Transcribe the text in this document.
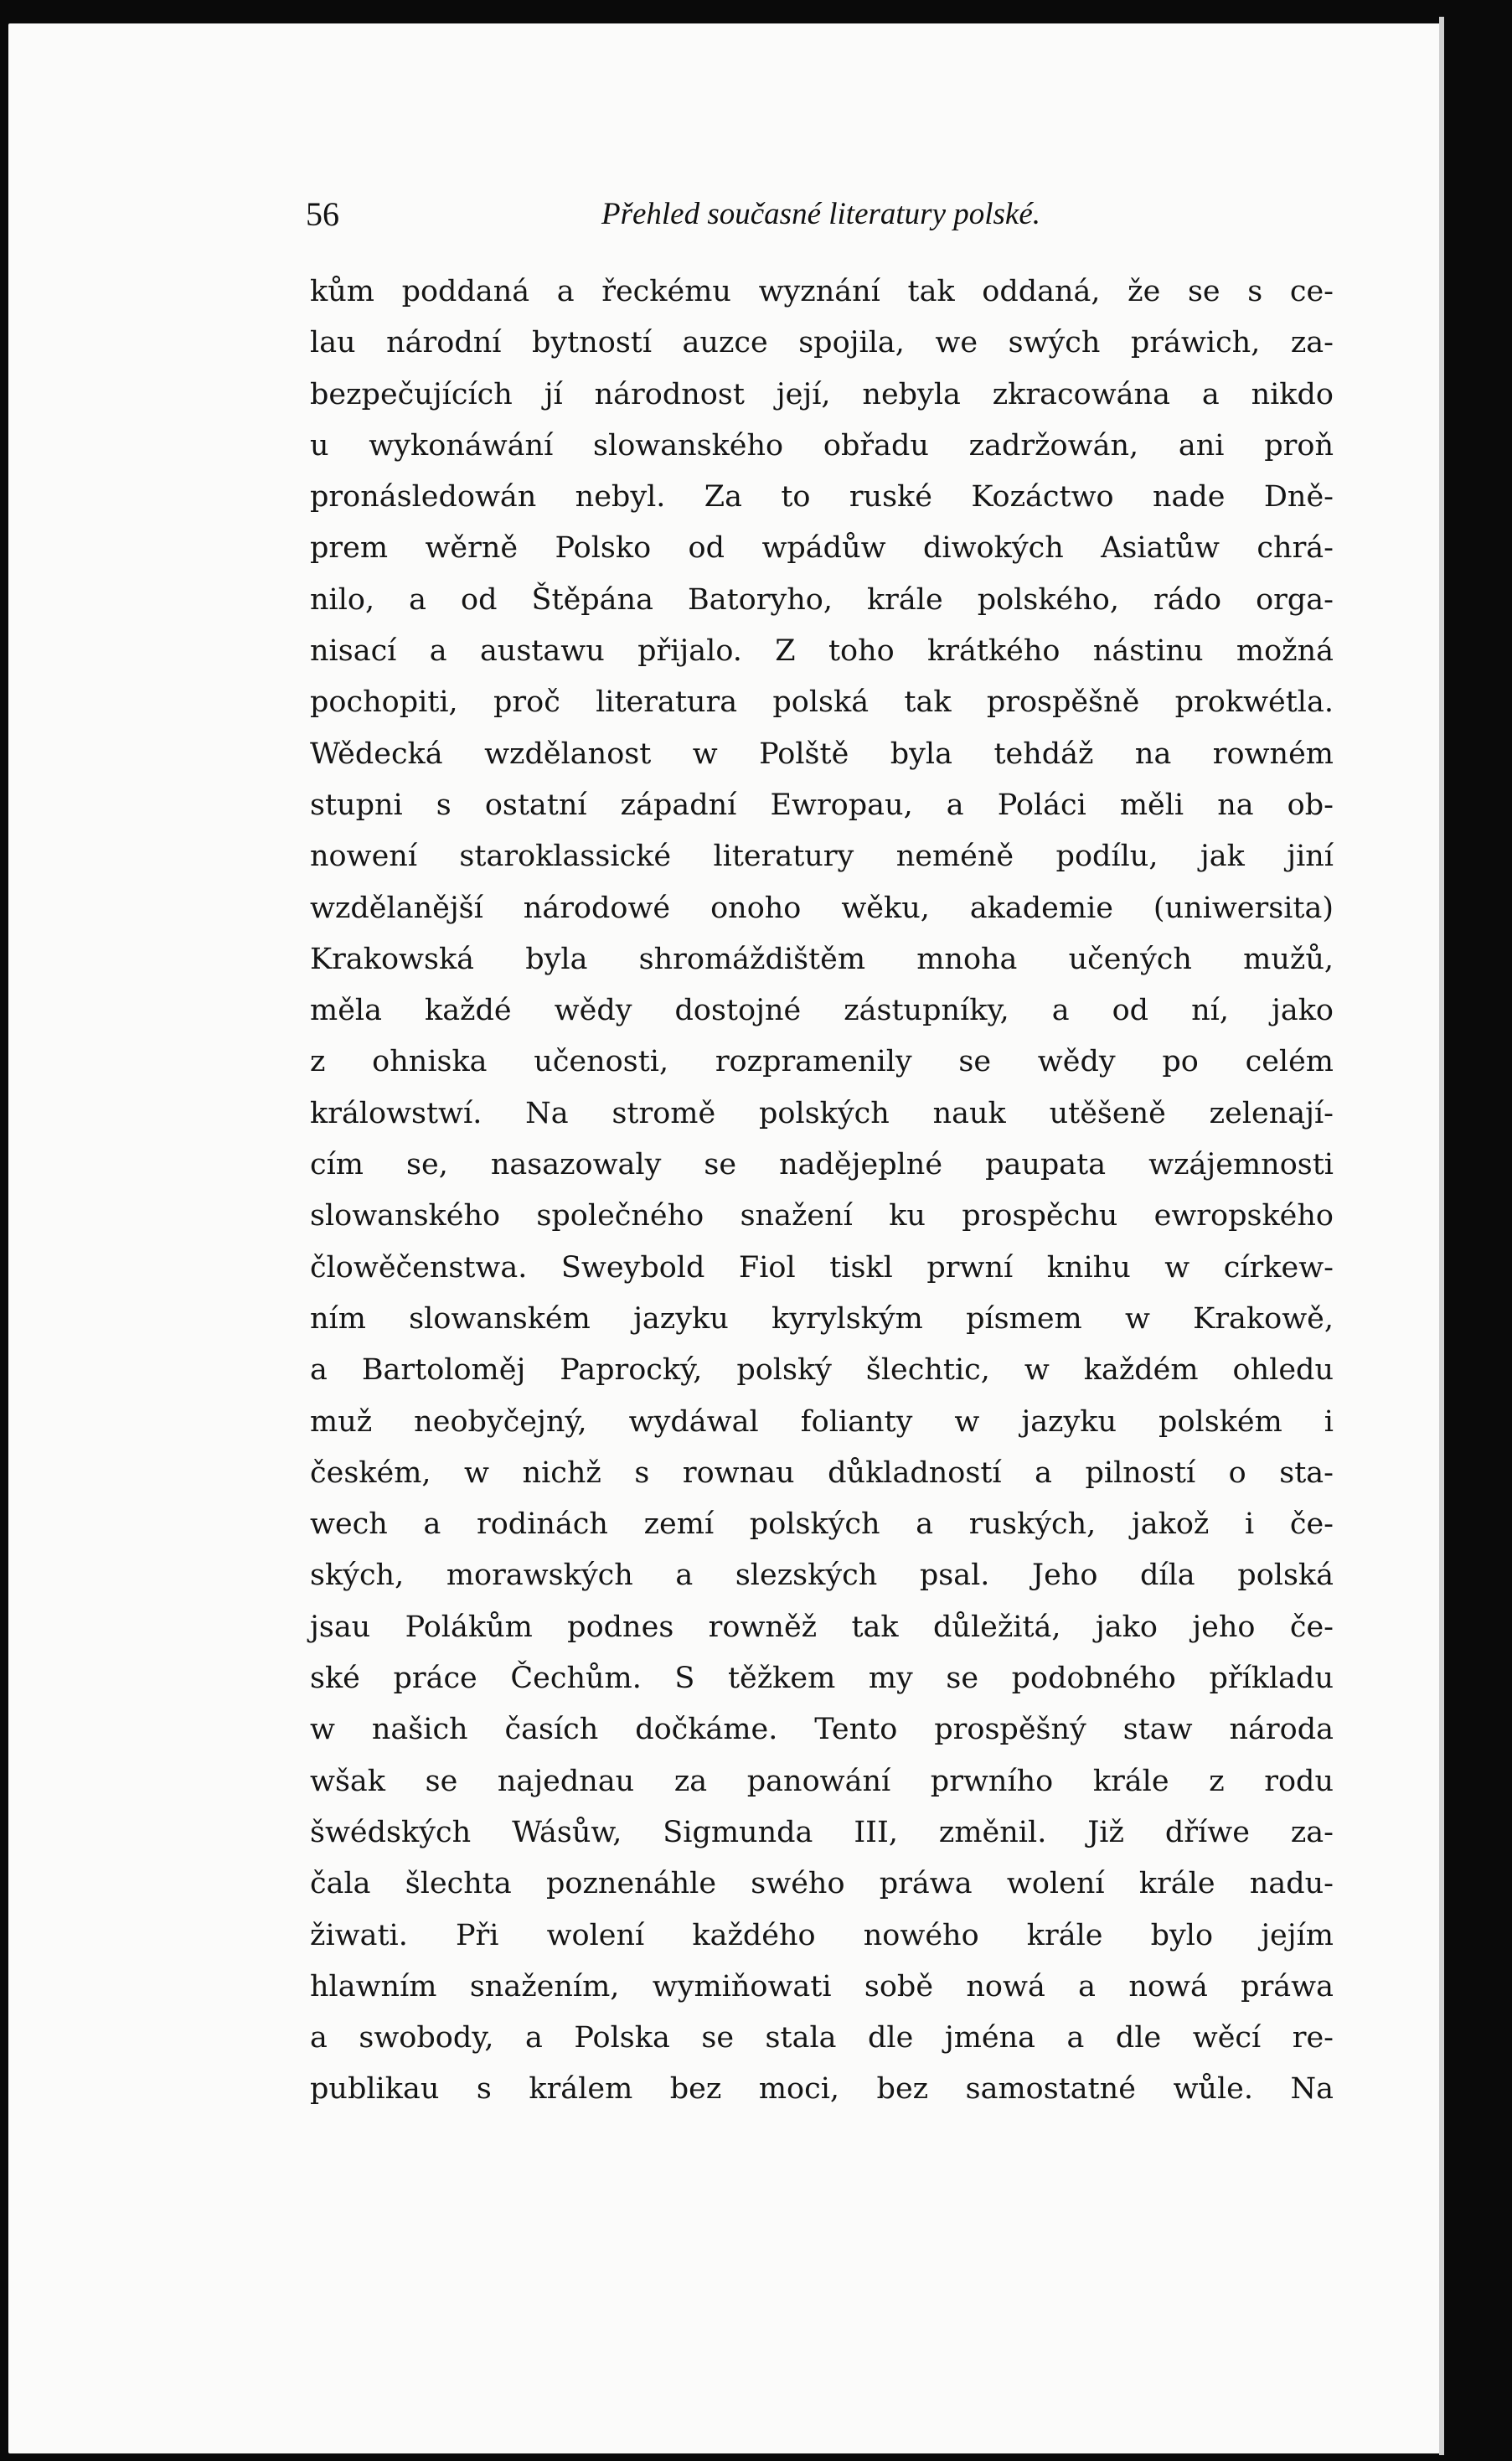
56	Přehled současné literatury polské.
kům poddaná a řeckému wyznání tak oddaná, že se s ce-
lau národní bytností auzce spojila, we swých práwich, za-
bezpečujících jí národnost její, nebyla zkracowána a nikdo
u wykonáwání slowanského obřadu zadržowán, ani proň
pronásledowán nebyl. Za to ruské Kozáctwo nade Dně-
prem wěrně Polsko od wpádůw diwokých Asiatůw chrá-
nilo, a od Štěpána Batoryho, krále polského, rádo orga-
nisací a austawu přijalo. Z toho krátkého nástinu možná
pochopiti, proč literatura polská tak prospěšně prokwétla.
Wědecká wzdělanost w Polště byla tehdáž na rowném
stupni s ostatní západní Ewropau, a Poláci měli na ob-
nowení staroklassické literatury neméně podílu, jak jiní
wzdělanější národowé onoho wěku, akademie (uniwersita)
Krakowská byla shromáždištěm mnoha učených mužů,
měla každé wědy dostojné zástupníky, a od ní, jako
z ohniska učenosti, rozpramenily se wědy po celém
králowstwí. Na stromě polských nauk utěšeně zelenají-
cím se, nasazowaly se nadějeplné paupata wzájemnosti
slowanského společného snažení ku prospěchu ewropského
člowěčenstwa. Sweybold Fiol tiskl prwní knihu w církew-
ním slowanském jazyku kyrylským písmem w Krakowě,
a Bartoloměj Paprocký, polský šlechtic, w každém ohledu
muž neobyčejný, wydáwal folianty w jazyku polském i
českém, w nichž s rownau důkladností a pilností o sta-
wech a rodinách zemí polských a ruských, jakož i če-
ských, morawských a slezských psal. Jeho díla polská
jsau Polákům podnes rowněž tak důležitá, jako jeho če-
ské práce Čechům. S těžkem my se podobného příkladu
w našich časích dočkáme. Tento prospěšný staw národa
wšak se najednau za panowání prwního krále z rodu
šwédských Wásůw, Sigmunda III, změnil. Již dříwe za-
čala šlechta poznenáhle swého práwa wolení krále nadu-
žiwati. Při wolení každého nowého krále bylo jejím
hlawním snažením, wymiňowati sobě nowá a nowá práwa
a swobody, a Polska se stala dle jména a dle wěcí re-
publikau s králem bez moci, bez samostatné wůle. Na
